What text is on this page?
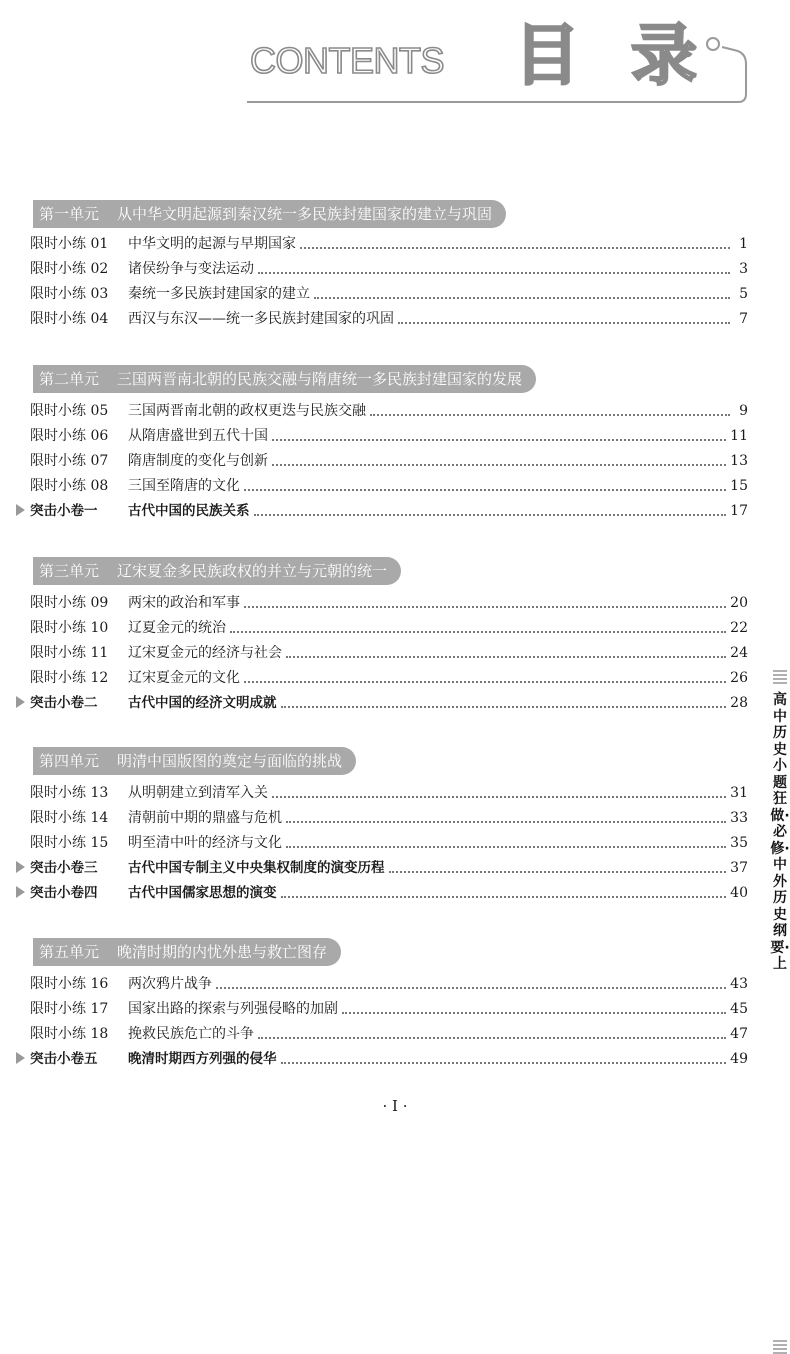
CONTENTS 目 录
第一单元 从中华文明起源到秦汉统一多民族封建国家的建立与巩固
限时小练 01	中华文明的起源与早期国家	1
限时小练 02	诸侯纷争与变法运动	3
限时小练 03	秦统一多民族封建国家的建立	5
限时小练 04	西汉与东汉——统一多民族封建国家的巩固	7
第二单元 三国两晋南北朝的民族交融与隋唐统一多民族封建国家的发展
限时小练 05	三国两晋南北朝的政权更迭与民族交融	9
限时小练 06	从隋唐盛世到五代十国	11
限时小练 07	隋唐制度的变化与创新	13
限时小练 08	三国至隋唐的文化	15
突击小卷一	古代中国的民族关系	17
第三单元 辽宋夏金多民族政权的并立与元朝的统一
限时小练 09	两宋的政治和军事	20
限时小练 10	辽夏金元的统治	22
限时小练 11	辽宋夏金元的经济与社会	24
限时小练 12	辽宋夏金元的文化	26
突击小卷二	古代中国的经济文明成就	28
第四单元 明清中国版图的奠定与面临的挑战
限时小练 13	从明朝建立到清军入关	31
限时小练 14	清朝前中期的鼎盛与危机	33
限时小练 15	明至清中叶的经济与文化	35
突击小卷三	古代中国专制主义中央集权制度的演变历程	37
突击小卷四	古代中国儒家思想的演变	40
第五单元 晚清时期的内忧外患与救亡图存
限时小练 16	两次鸦片战争	43
限时小练 17	国家出路的探索与列强侵略的加剧	45
限时小练 18	挽救民族危亡的斗争	47
突击小卷五	晚清时期西方列强的侵华	49
高中历史 小题狂做·必修·中外历史纲要·上
· I ·
